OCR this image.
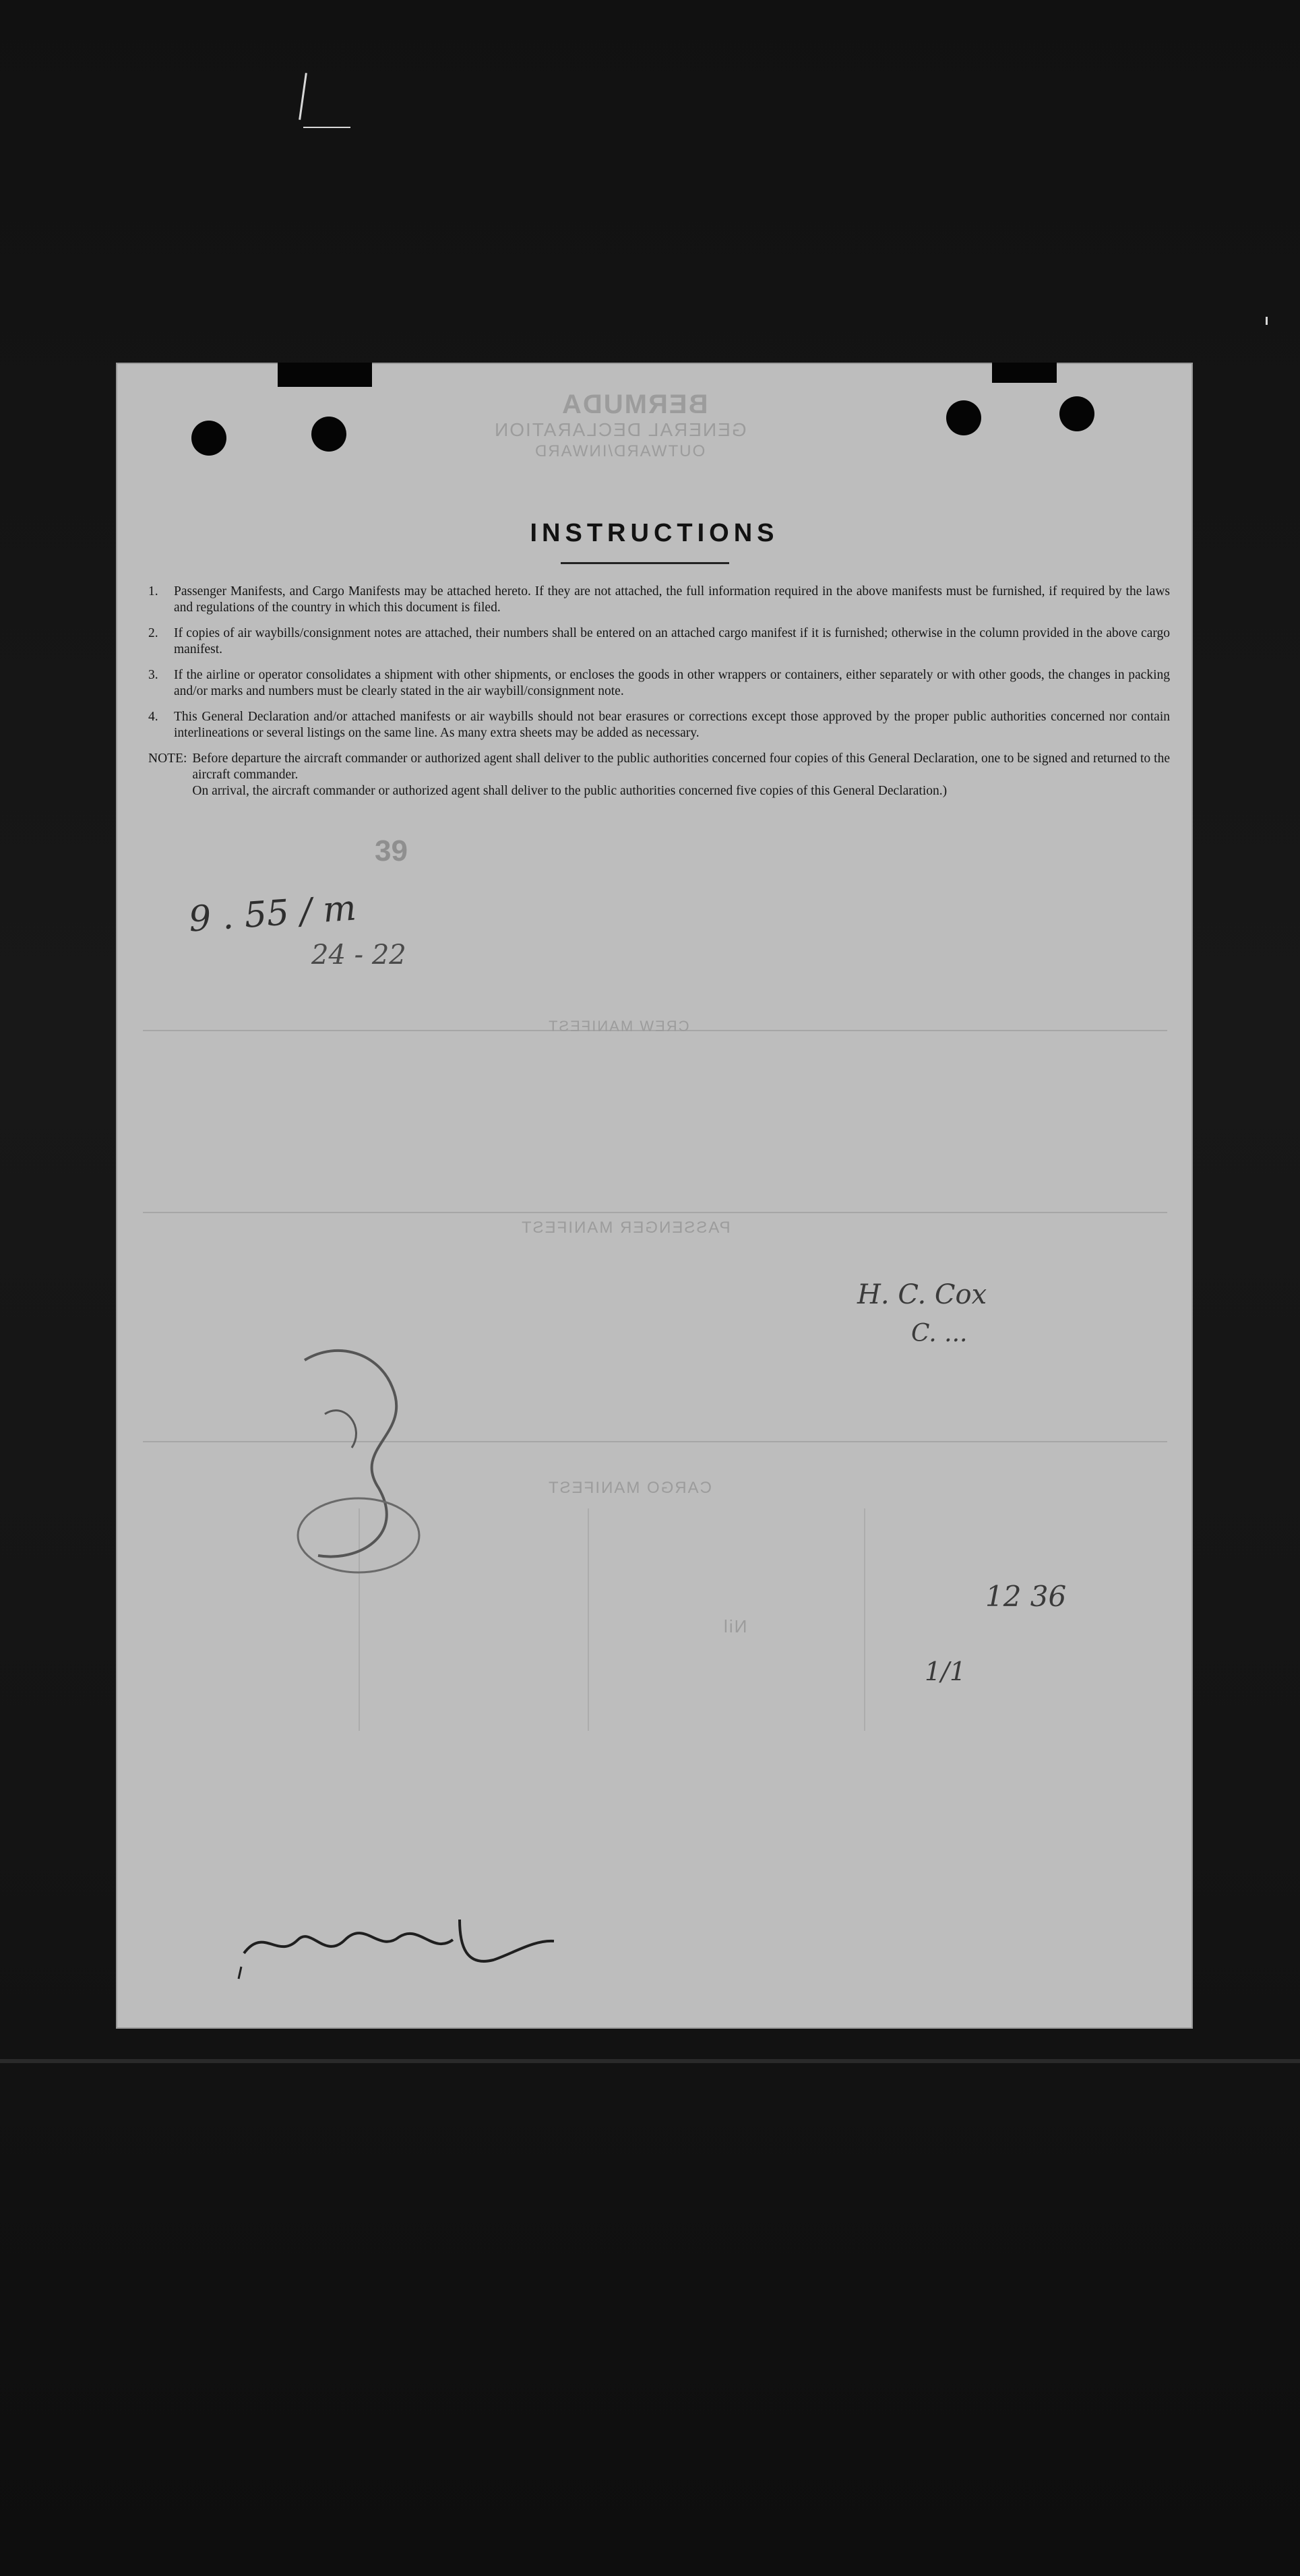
BERMUDA
GENERAL DECLARATION
OUTWARD/INWARD
CREW MANIFEST
PASSENGER MANIFEST
CARGO MANIFEST
Nil
39
INSTRUCTIONS
1.	Passenger Manifests, and Cargo Manifests may be attached hereto. If they are not attached, the full information required in the above manifests must be furnished, if required by the laws and regulations of the country in which this document is filed.
2.	If copies of air waybills/consignment notes are attached, their numbers shall be entered on an attached cargo manifest if it is furnished; otherwise in the column provided in the above cargo manifest.
3.	If the airline or operator consolidates a shipment with other shipments, or encloses the goods in other wrappers or containers, either separately or with other goods, the changes in packing and/or marks and numbers must be clearly stated in the air waybill/consignment note.
4.	This General Declaration and/or attached manifests or air waybills should not bear erasures or corrections except those approved by the proper public authorities concerned nor contain interlineations or several listings on the same line. As many extra sheets may be added as necessary.
NOTE: Before departure the aircraft commander or authorized agent shall deliver to the public authorities concerned four copies of this General Declaration, one to be signed and returned to the aircraft commander.

On arrival, the aircraft commander or authorized agent shall deliver to the public authorities concerned five copies of this General Declaration.)

9 . 55 / m
24 - 22
H. C. Cox
C. ...
12 36
1/1
